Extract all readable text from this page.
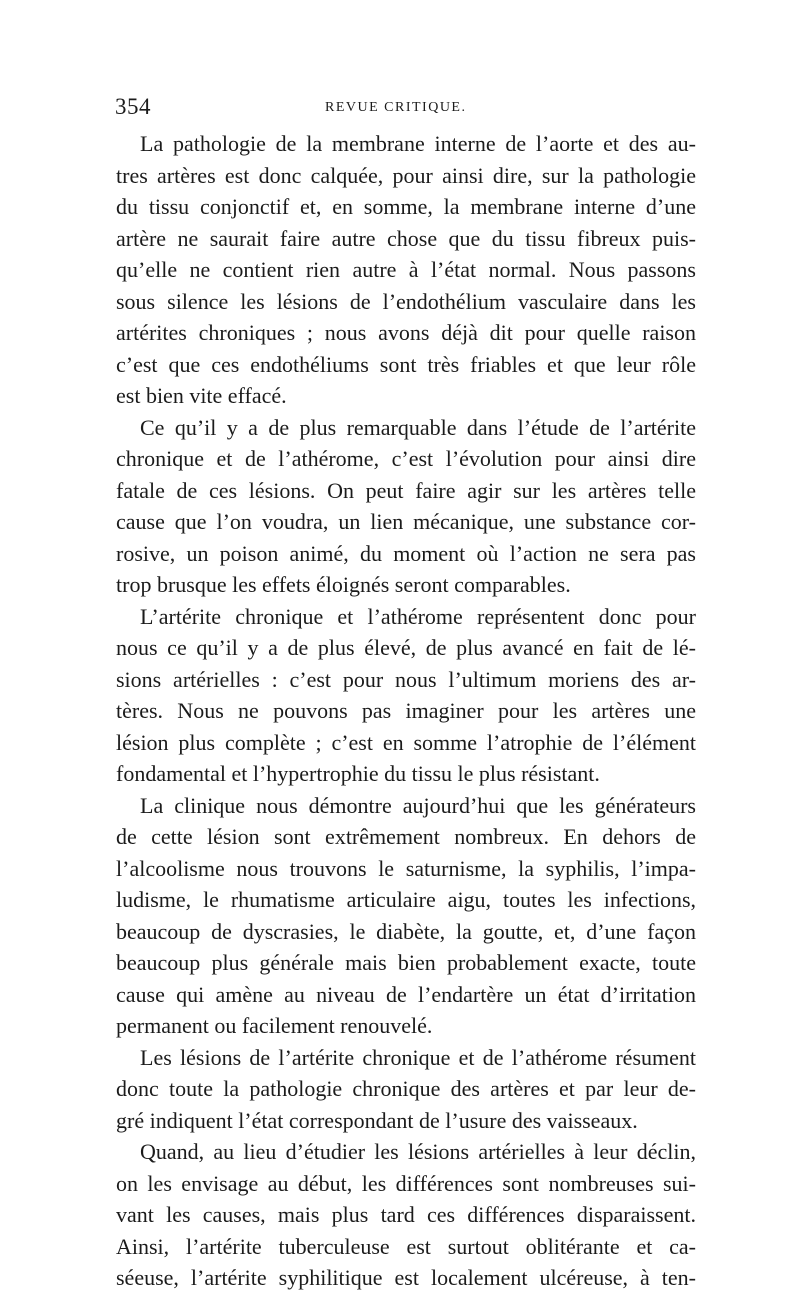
354	REVUE CRITIQUE.
La pathologie de la membrane interne de l’aorte et des au-
tres artères est donc calquée, pour ainsi dire, sur la pathologie
du tissu conjonctif et, en somme, la membrane interne d’une
artère ne saurait faire autre chose que du tissu fibreux puis-
qu’elle ne contient rien autre à l’état normal. Nous passons
sous silence les lésions de l’endothélium vasculaire dans les
artérites chroniques ; nous avons déjà dit pour quelle raison
c’est que ces endothéliums sont très friables et que leur rôle
est bien vite effacé.
Ce qu’il y a de plus remarquable dans l’étude de l’artérite
chronique et de l’athérome, c’est l’évolution pour ainsi dire
fatale de ces lésions. On peut faire agir sur les artères telle
cause que l’on voudra, un lien mécanique, une substance cor-
rosive, un poison animé, du moment où l’action ne sera pas
trop brusque les effets éloignés seront comparables.
L’artérite chronique et l’athérome représentent donc pour
nous ce qu’il y a de plus élevé, de plus avancé en fait de lé-
sions artérielles : c’est pour nous l’ultimum moriens des ar-
tères. Nous ne pouvons pas imaginer pour les artères une
lésion plus complète ; c’est en somme l’atrophie de l’élément
fondamental et l’hypertrophie du tissu le plus résistant.
La clinique nous démontre aujourd’hui que les générateurs
de cette lésion sont extrêmement nombreux. En dehors de
l’alcoolisme nous trouvons le saturnisme, la syphilis, l’impa-
ludisme, le rhumatisme articulaire aigu, toutes les infections,
beaucoup de dyscrasies, le diabète, la goutte, et, d’une façon
beaucoup plus générale mais bien probablement exacte, toute
cause qui amène au niveau de l’endartère un état d’irritation
permanent ou facilement renouvelé.
Les lésions de l’artérite chronique et de l’athérome résument
donc toute la pathologie chronique des artères et par leur de-
gré indiquent l’état correspondant de l’usure des vaisseaux.
Quand, au lieu d’étudier les lésions artérielles à leur déclin,
on les envisage au début, les différences sont nombreuses sui-
vant les causes, mais plus tard ces différences disparaissent.
Ainsi, l’artérite tuberculeuse est surtout oblitérante et ca-
séeuse, l’artérite syphilitique est localement ulcéreuse, à ten-
